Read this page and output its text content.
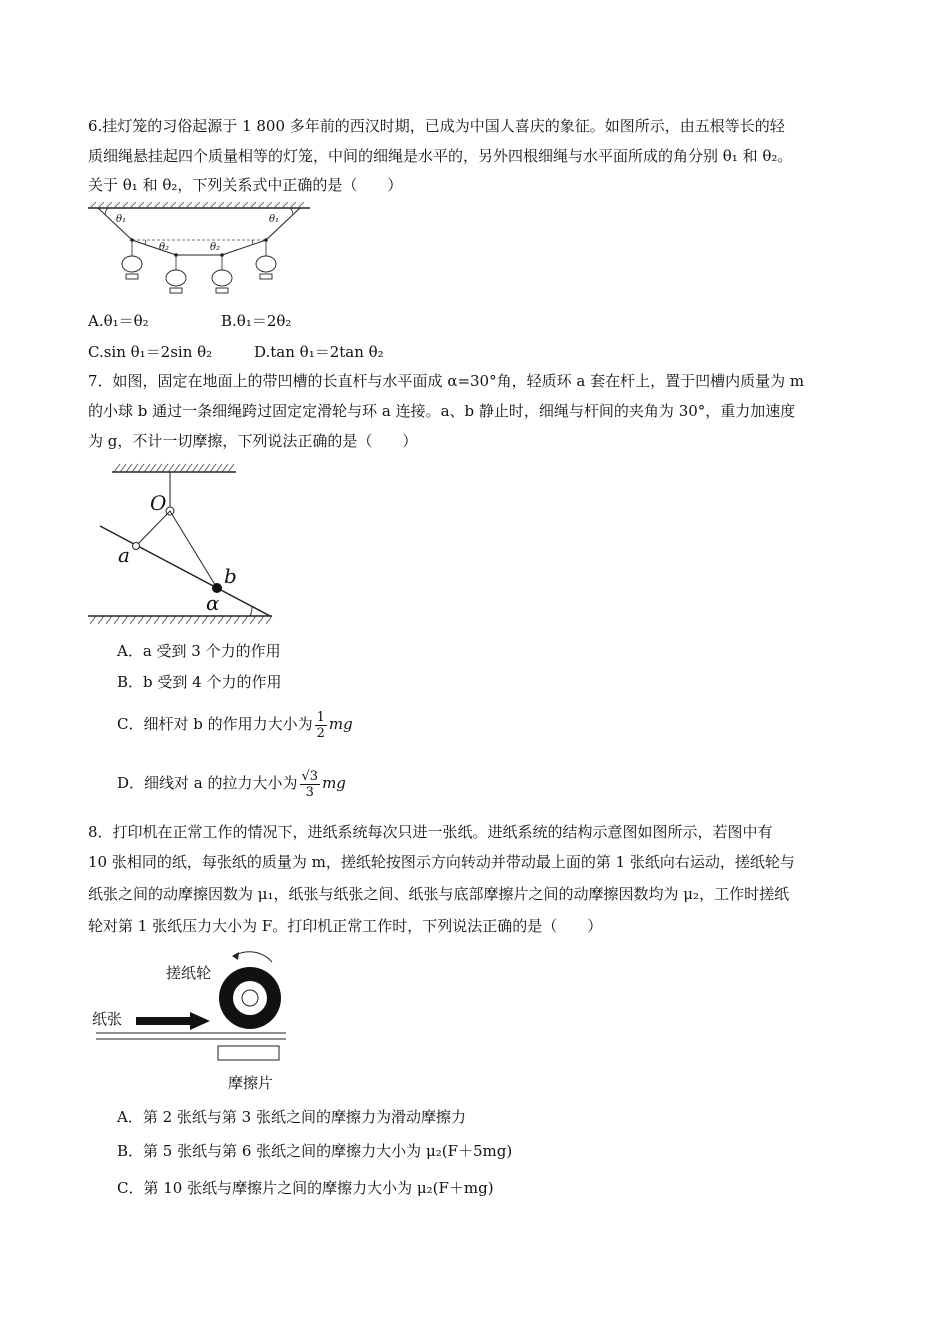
6.挂灯笼的习俗起源于 1 800 多年前的西汉时期，已成为中国人喜庆的象征。如图所示，由五根等长的轻
质细绳悬挂起四个质量相等的灯笼，中间的细绳是水平的，另外四根细绳与水平面所成的角分别 θ₁ 和 θ₂。
关于 θ₁ 和 θ₂，下列关系式中正确的是（　　）
θ₁	θ₁
θ₂	θ₂
A.θ₁＝θ₂	B.θ₁＝2θ₂
C.sin θ₁＝2sin θ₂	D.tan θ₁＝2tan θ₂
7．如图，固定在地面上的带凹槽的长直杆与水平面成 α=30°角，轻质环 a 套在杆上，置于凹槽内质量为 m
的小球 b 通过一条细绳跨过固定定滑轮与环 a 连接。a、b 静止时，细绳与杆间的夹角为 30°，重力加速度
为 g，不计一切摩擦，下列说法正确的是（　　）
O
a
b
α
A．a 受到 3 个力的作用
B．b 受到 4 个力的作用
C．细杆对 b 的作用力大小为 $\frac{1}{2}$ mg
D．细线对 a 的拉力大小为 $\frac{√3}{3}$ mg
8．打印机在正常工作的情况下，进纸系统每次只进一张纸。进纸系统的结构示意图如图所示，若图中有
10 张相同的纸，每张纸的质量为 m，搓纸轮按图示方向转动并带动最上面的第 1 张纸向右运动，搓纸轮与
纸张之间的动摩擦因数为 μ₁，纸张与纸张之间、纸张与底部摩擦片之间的动摩擦因数均为 μ₂，工作时搓纸
轮对第 1 张纸压力大小为 F。打印机正常工作时，下列说法正确的是（　　）
搓纸轮
纸张
摩擦片
A．第 2 张纸与第 3 张纸之间的摩擦力为滑动摩擦力
B．第 5 张纸与第 6 张纸之间的摩擦力大小为 μ₂(F＋5mg)
C．第 10 张纸与摩擦片之间的摩擦力大小为 μ₂(F＋mg)
